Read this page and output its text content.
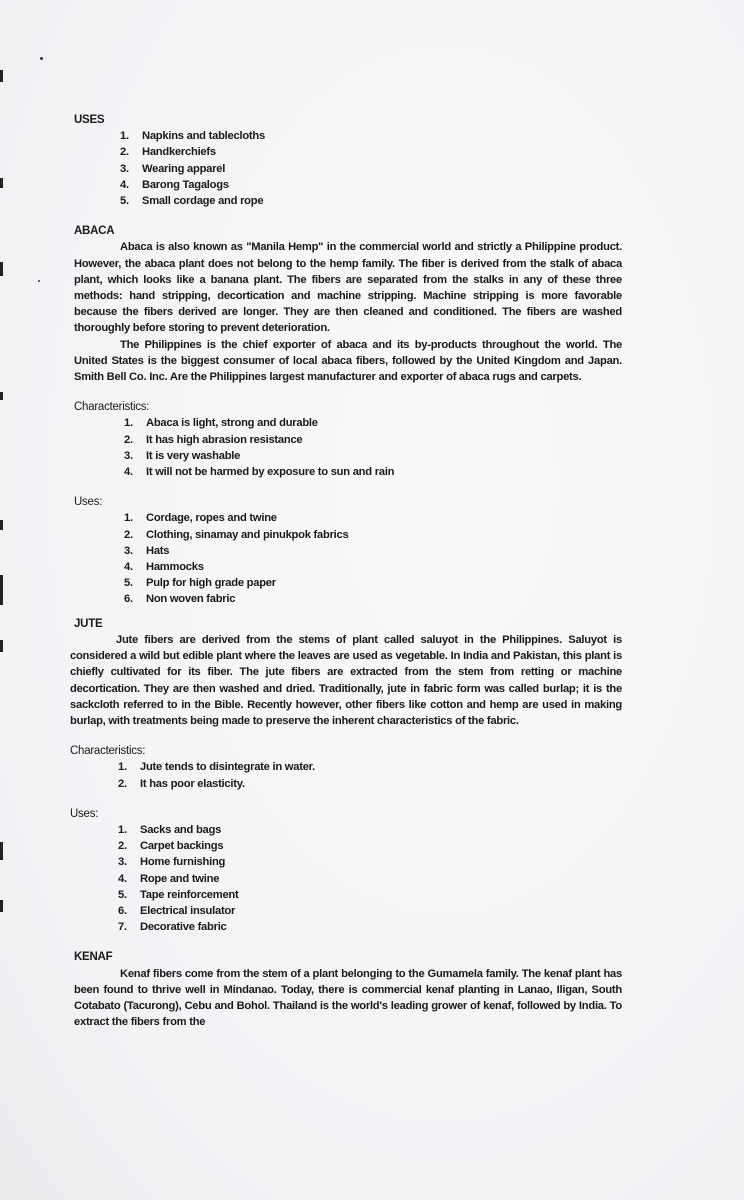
USES

1.	Napkins and tablecloths
2.	Handkerchiefs
3.	Wearing apparel
4.	Barong Tagalogs
5.	Small cordage and rope

ABACA

Abaca is also known as "Manila Hemp" in the commercial world and strictly a Philippine product. However, the abaca plant does not belong to the hemp family. The fiber is derived from the stalk of abaca plant, which looks like a banana plant. The fibers are separated from the stalks in any of these three methods: hand stripping, decortication and machine stripping. Machine stripping is more favorable because the fibers derived are longer. They are then cleaned and conditioned. The fibers are washed thoroughly before storing to prevent deterioration.

The Philippines is the chief exporter of abaca and its by-products throughout the world. The United States is the biggest consumer of local abaca fibers, followed by the United Kingdom and Japan. Smith Bell Co. Inc. Are the Philippines largest manufacturer and exporter of abaca rugs and carpets.

Characteristics:

1.	Abaca is light, strong and durable
2.	It has high abrasion resistance
3.	It is very washable
4.	It will not be harmed by exposure to sun and rain

Uses:

1.	Cordage, ropes and twine
2.	Clothing, sinamay and pinukpok fabrics
3.	Hats
4.	Hammocks
5.	Pulp for high grade paper
6.	Non woven fabric

JUTE

Jute fibers are derived from the stems of plant called saluyot in the Philippines. Saluyot is considered a wild but edible plant where the leaves are used as vegetable. In India and Pakistan, this plant is chiefly cultivated for its fiber. The jute fibers are extracted from the stem from retting or machine decortication. They are then washed and dried. Traditionally, jute in fabric form was called burlap; it is the sackcloth referred to in the Bible. Recently however, other fibers like cotton and hemp are used in making burlap, with treatments being made to preserve the inherent characteristics of the fabric.

Characteristics:

1.	Jute tends to disintegrate in water.
2.	It has poor elasticity.

Uses:

1.	Sacks and bags
2.	Carpet backings
3.	Home furnishing
4.	Rope and twine
5.	Tape reinforcement
6.	Electrical insulator
7.	Decorative fabric

KENAF

Kenaf fibers come from the stem of a plant belonging to the Gumamela family. The kenaf plant has been found to thrive well in Mindanao. Today, there is commercial kenaf planting in Lanao, Iligan, South Cotabato (Tacurong), Cebu and Bohol. Thailand is the world's leading grower of kenaf, followed by India. To extract the fibers from the
